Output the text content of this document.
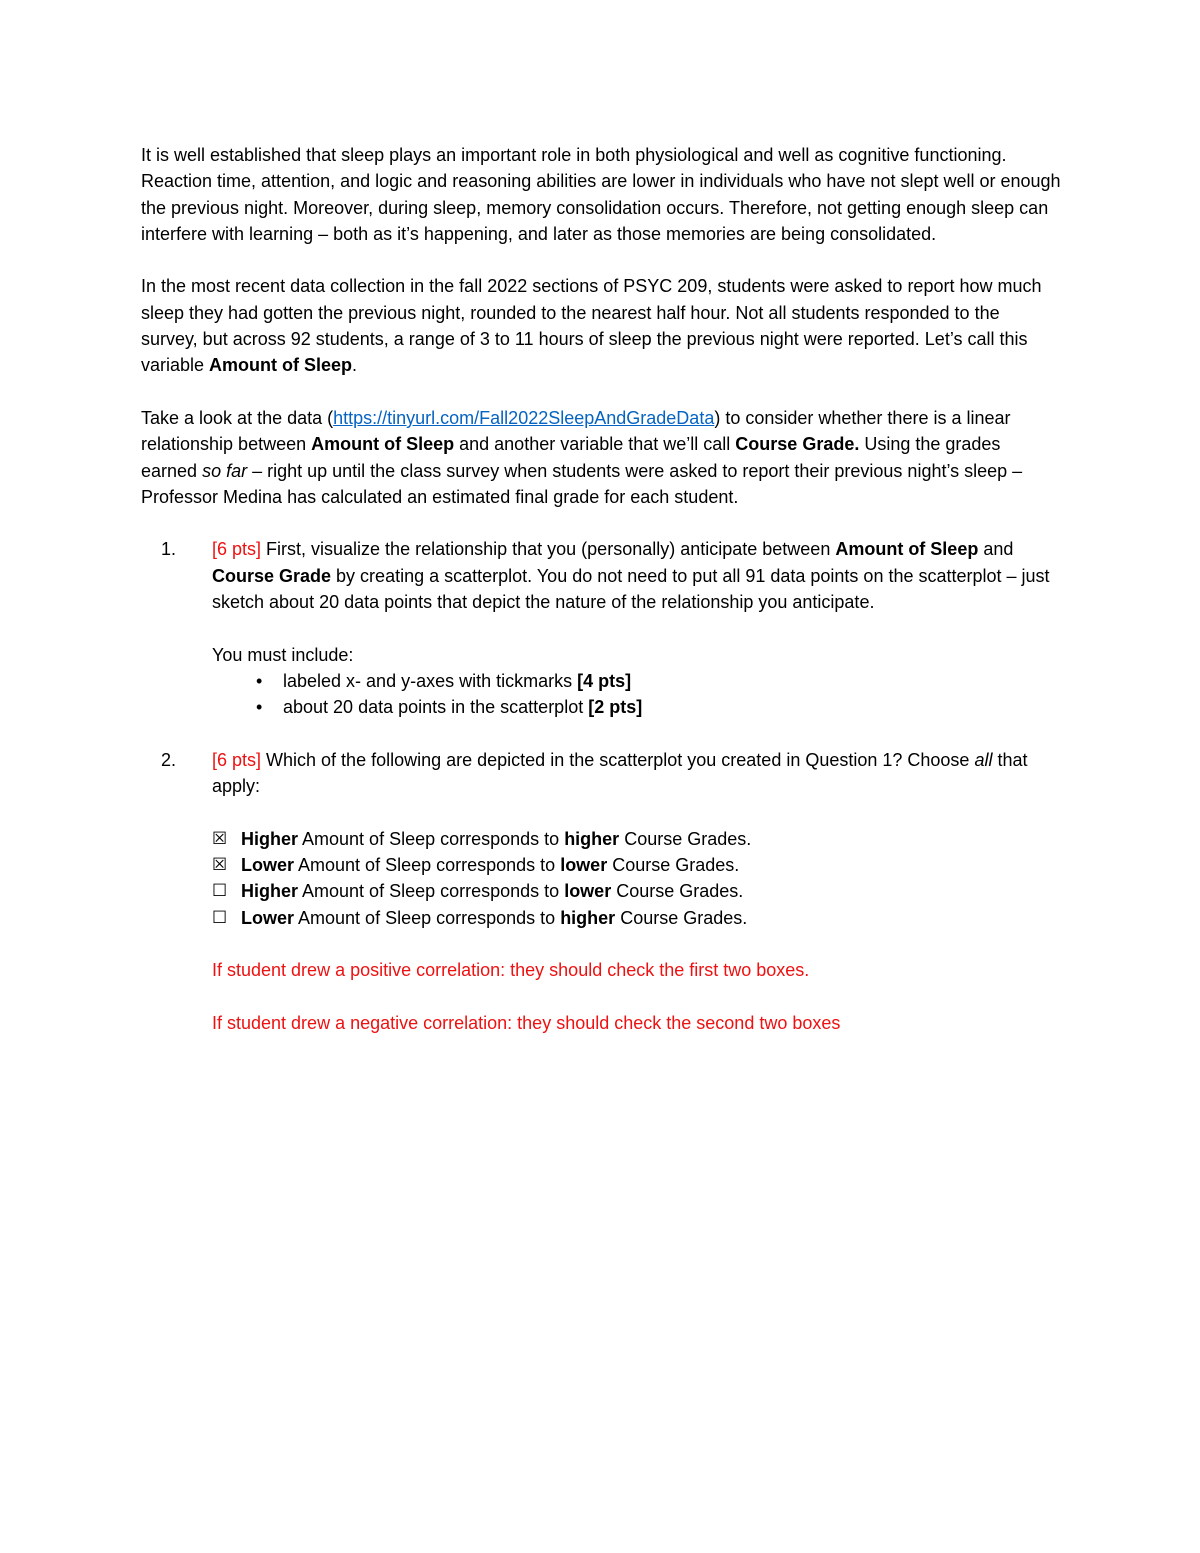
It is well established that sleep plays an important role in both physiological and well as cognitive functioning. Reaction time, attention, and logic and reasoning abilities are lower in individuals who have not slept well or enough the previous night. Moreover, during sleep, memory consolidation occurs. Therefore, not getting enough sleep can interfere with learning – both as it’s happening, and later as those memories are being consolidated.

In the most recent data collection in the fall 2022 sections of PSYC 209, students were asked to report how much sleep they had gotten the previous night, rounded to the nearest half hour. Not all students responded to the survey, but across 92 students, a range of 3 to 11 hours of sleep the previous night were reported. Let’s call this variable Amount of Sleep.

Take a look at the data (https://tinyurl.com/Fall2022SleepAndGradeData) to consider whether there is a linear relationship between Amount of Sleep and another variable that we’ll call Course Grade. Using the grades earned so far – right up until the class survey when students were asked to report their previous night’s sleep – Professor Medina has calculated an estimated final grade for each student.

1. [6 pts] First, visualize the relationship that you (personally) anticipate between Amount of Sleep and Course Grade by creating a scatterplot. You do not need to put all 91 data points on the scatterplot – just sketch about 20 data points that depict the nature of the relationship you anticipate.

You must include:

• labeled x- and y-axes with tickmarks [4 pts]
• about 20 data points in the scatterplot [2 pts]
2. [6 pts] Which of the following are depicted in the scatterplot you created in Question 1? Choose all that apply:

☒ Higher Amount of Sleep corresponds to higher Course Grades.
☒ Lower Amount of Sleep corresponds to lower Course Grades.
☐ Higher Amount of Sleep corresponds to lower Course Grades.
☐ Lower Amount of Sleep corresponds to higher Course Grades.

If student drew a positive correlation: they should check the first two boxes.

If student drew a negative correlation: they should check the second two boxes
